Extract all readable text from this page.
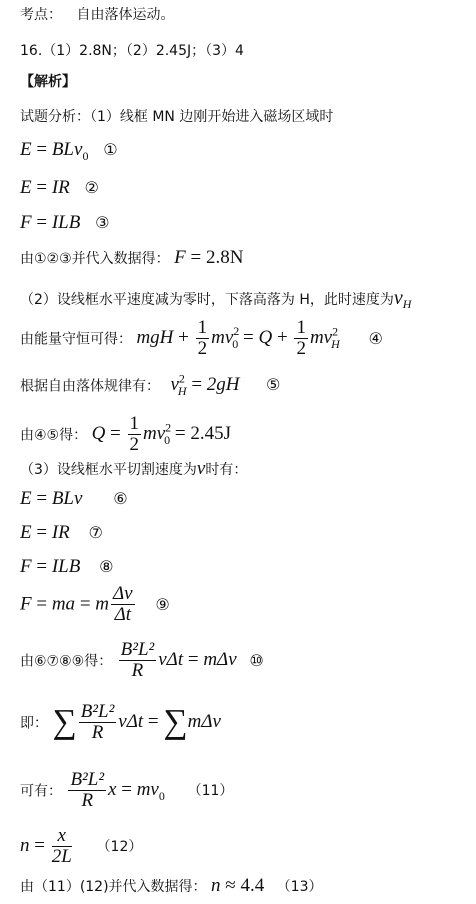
考点： 自由落体运动。
16.（1）2.8N；（2）2.45J；（3）4
【解析】
试题分析：（1）线框 MN 边刚开始进入磁场区域时
E = BLv$_0$ ①
E = IR ②
F = ILB ③
由①②③并代入数据得： F = 2.8N
（2）设线框水平速度减为零时，下落高落为 H，此时速度为$v_H$
由能量守恒可得： mgH + $\frac{1}{2} mv^2_0 = Q + \frac{1}{2} mv^2_H$ ④
根据自由落体规律有： $v^2_H = 2gH$ ⑤
由④⑤得： $Q = \frac{1}{2} mv^2_0 = 2.45J$
（3）设线框水平切割速度为v时有：
E = BLv ⑥
E = IR ⑦
F = ILB ⑧
F = ma = m $\frac{\Delta v}{\Delta t}$ ⑨
由⑥⑦⑧⑨得： $\frac{\text{B²L²}}{R}$ vΔt = mΔv ⑩
即： ∑ $\frac{\text{B²L²}}{R}$ vΔt = ∑mΔv
可有： $\frac{\text{B²L²}}{R}$ $x = mv_0$ （11）
$n = \frac{x}{2L} (12)$
由（11）(12)并代入数据得： n ≈ 4.4 （13）
